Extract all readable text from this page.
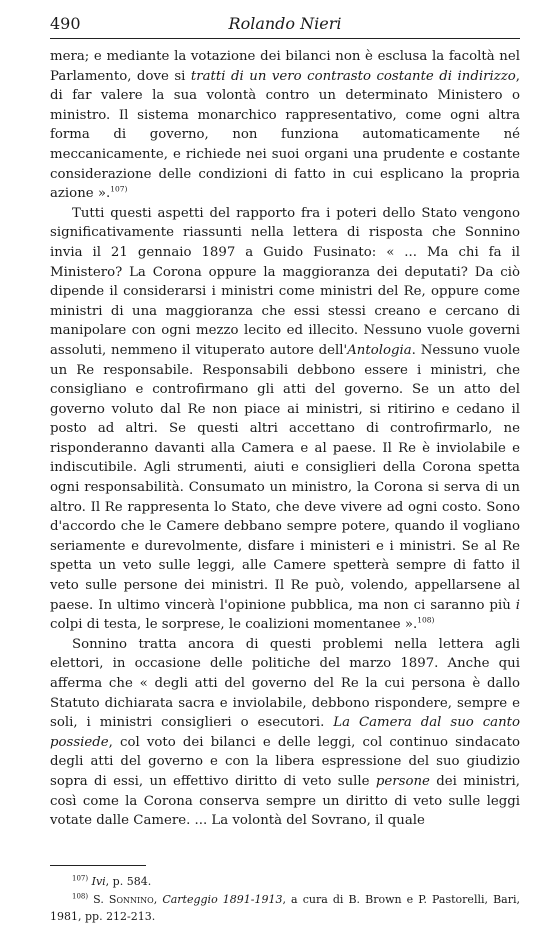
490	Rolando Nieri

mera; e mediante la votazione dei bilanci non è esclusa la facoltà nel Parlamento, dove si tratti di un vero contrasto costante di indirizzo, di far valere la sua volontà contro un determinato Ministero o ministro. Il sistema monarchico rappresentativo, come ogni altra forma di governo, non funziona automaticamente né meccanicamente, e richiede nei suoi organi una prudente e costante considerazione delle condizioni di fatto in cui esplicano la propria azione ».$^{107)}$

Tutti questi aspetti del rapporto fra i poteri dello Stato vengono significativamente riassunti nella lettera di risposta che Sonnino invia il 21 gennaio 1897 a Guido Fusinato: « ... Ma chi fa il Ministero? La Corona oppure la maggioranza dei deputati? Da ciò dipende il considerarsi i ministri come ministri del Re, oppure come ministri di una maggioranza che essi stessi creano e cercano di manipolare con ogni mezzo lecito ed illecito. Nessuno vuole governi assoluti, nemmeno il vituperato autore dell'Antologia. Nessuno vuole un Re responsabile. Responsabili debbono essere i ministri, che consigliano e controfirmano gli atti del governo. Se un atto del governo voluto dal Re non piace ai ministri, si ritirino e cedano il posto ad altri. Se questi altri accettano di controfirmarlo, ne risponderanno davanti alla Camera e al paese. Il Re è inviolabile e indiscutibile. Agli strumenti, aiuti e consiglieri della Corona spetta ogni responsabilità. Consumato un ministro, la Corona si serva di un altro. Il Re rappresenta lo Stato, che deve vivere ad ogni costo. Sono d'accordo che le Camere debbano sempre potere, quando il vogliano seriamente e durevolmente, disfare i ministeri e i ministri. Se al Re spetta un veto sulle leggi, alle Camere spetterà sempre di fatto il veto sulle persone dei ministri. Il Re può, volendo, appellarsene al paese. In ultimo vincerà l'opinione pubblica, ma non ci saranno più i colpi di testa, le sorprese, le coalizioni momentanee ».$^{108)}$

Sonnino tratta ancora di questi problemi nella lettera agli elettori, in occasione delle politiche del marzo 1897. Anche qui afferma che « degli atti del governo del Re la cui persona è dallo Statuto dichiarata sacra e inviolabile, debbono rispondere, sempre e soli, i ministri consiglieri o esecutori. La Camera dal suo canto possiede, col voto dei bilanci e delle leggi, col continuo sindacato degli atti del governo e con la libera espressione del suo giudizio sopra di essi, un effettivo diritto di veto sulle persone dei ministri, così come la Corona conserva sempre un diritto di veto sulle leggi votate dalle Camere. ... La volontà del Sovrano, il quale

$^{107)}$ Ivi, p. 584.

$^{108)}$ S. Sonnino, Carteggio 1891-1913, a cura di B. Brown e P. Pastorelli, Bari, 1981, pp. 212-213.
